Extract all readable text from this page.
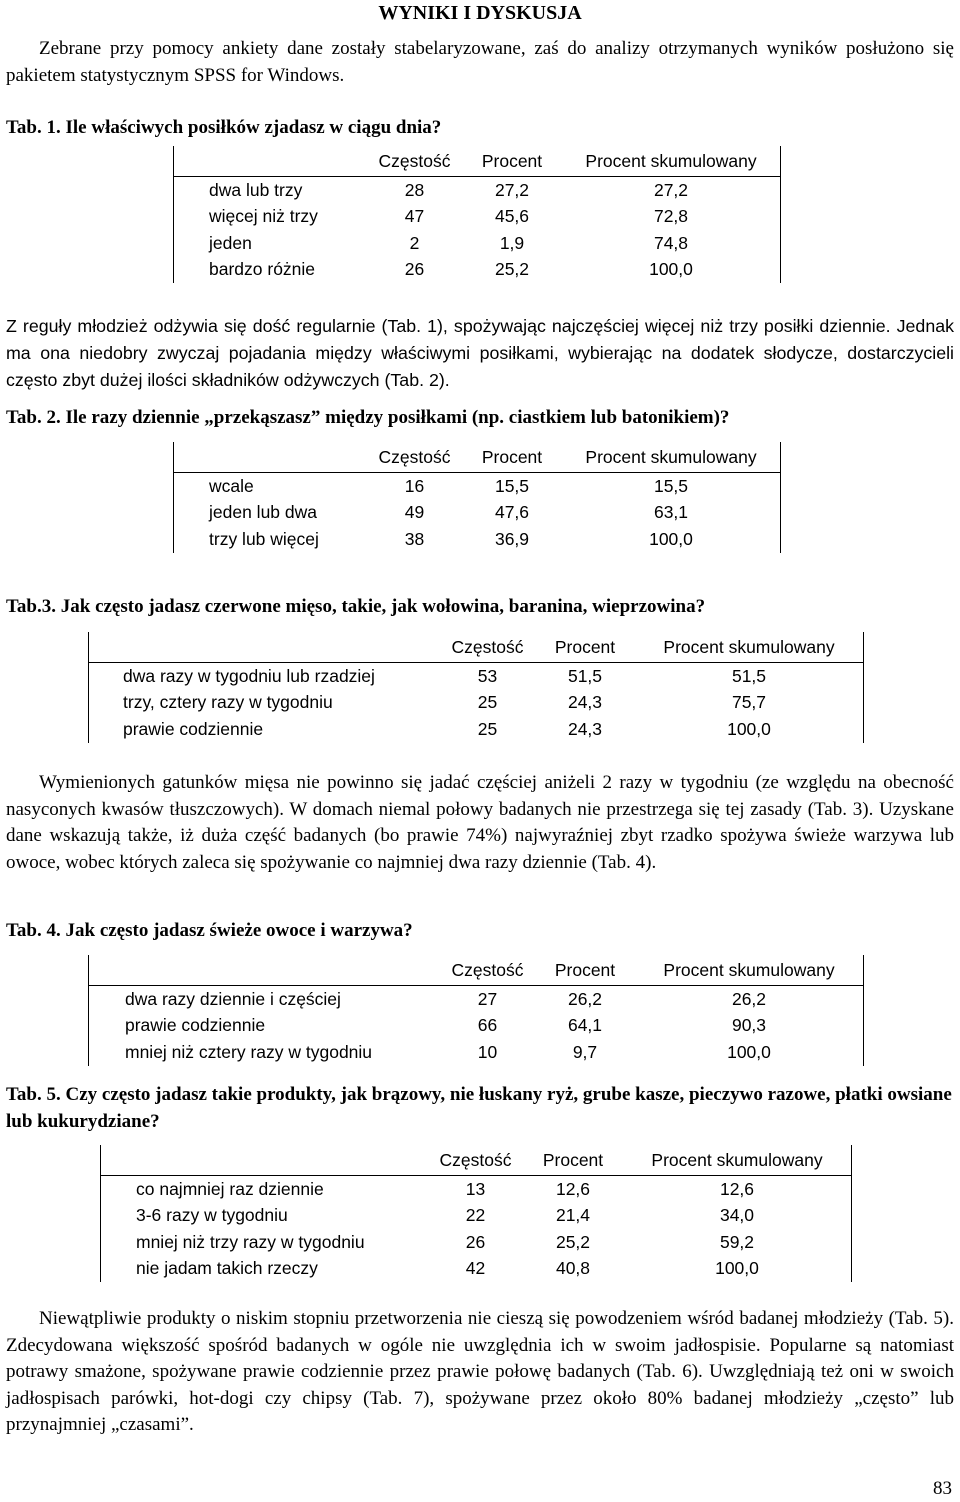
WYNIKI I DYSKUSJA
Zebrane przy pomocy ankiety dane zostały stabelaryzowane, zaś do analizy otrzymanych wyników posłużono się pakietem statystycznym SPSS for Windows.
Tab. 1. Ile właściwych posiłków zjadasz w ciągu dnia?
	Częstość	Procent	Procent skumulowany
dwa lub trzy	28	27,2	27,2
więcej niż trzy	47	45,6	72,8
jeden	2	1,9	74,8
bardzo różnie	26	25,2	100,0
Z reguły młodzież odżywia się dość regularnie (Tab. 1), spożywając najczęściej więcej niż trzy posiłki dziennie. Jednak ma ona niedobry zwyczaj pojadania między właściwymi posiłkami, wybierając na dodatek słodycze, dostarczycieli często zbyt dużej ilości składników odżywczych (Tab. 2).
Tab. 2. Ile razy dziennie „przekąszasz” między posiłkami (np. ciastkiem lub batonikiem)?
	Częstość	Procent	Procent skumulowany
wcale	16	15,5	15,5
jeden lub dwa	49	47,6	63,1
trzy lub więcej	38	36,9	100,0
Tab.3. Jak często jadasz czerwone mięso, takie, jak wołowina, baranina, wieprzowina?
	Częstość	Procent	Procent skumulowany
dwa razy w tygodniu lub rzadziej	53	51,5	51,5
trzy, cztery razy w tygodniu	25	24,3	75,7
prawie codziennie	25	24,3	100,0
Wymienionych gatunków mięsa nie powinno się jadać częściej aniżeli 2 razy w tygodniu (ze względu na obecność nasyconych kwasów tłuszczowych). W domach niemal połowy badanych nie przestrzega się tej zasady (Tab. 3). Uzyskane dane wskazują także, iż duża część badanych (bo prawie 74%) najwyraźniej zbyt rzadko spożywa świeże warzywa lub owoce, wobec których zaleca się spożywanie co najmniej dwa razy dziennie (Tab. 4).
Tab. 4. Jak często jadasz świeże owoce i warzywa?
	Częstość	Procent	Procent skumulowany
dwa razy dziennie i częściej	27	26,2	26,2
prawie codziennie	66	64,1	90,3
mniej niż cztery razy w tygodniu	10	9,7	100,0
Tab. 5. Czy często jadasz takie produkty, jak brązowy, nie łuskany ryż, grube kasze, pieczywo razowe, płatki owsiane lub kukurydziane?
	Częstość	Procent	Procent skumulowany
co najmniej raz dziennie	13	12,6	12,6
3-6 razy w tygodniu	22	21,4	34,0
mniej niż trzy razy w tygodniu	26	25,2	59,2
nie jadam takich rzeczy	42	40,8	100,0
Niewątpliwie produkty o niskim stopniu przetworzenia nie cieszą się powodzeniem wśród badanej młodzieży (Tab. 5). Zdecydowana większość spośród badanych w ogóle nie uwzględnia ich w swoim jadłospisie. Popularne są natomiast potrawy smażone, spożywane prawie codziennie przez prawie połowę badanych (Tab. 6). Uwzględniają też oni w swoich jadłospisach parówki, hot-dogi czy chipsy (Tab. 7), spożywane przez około 80% badanej młodzieży „często” lub przynajmniej „czasami”.
83
